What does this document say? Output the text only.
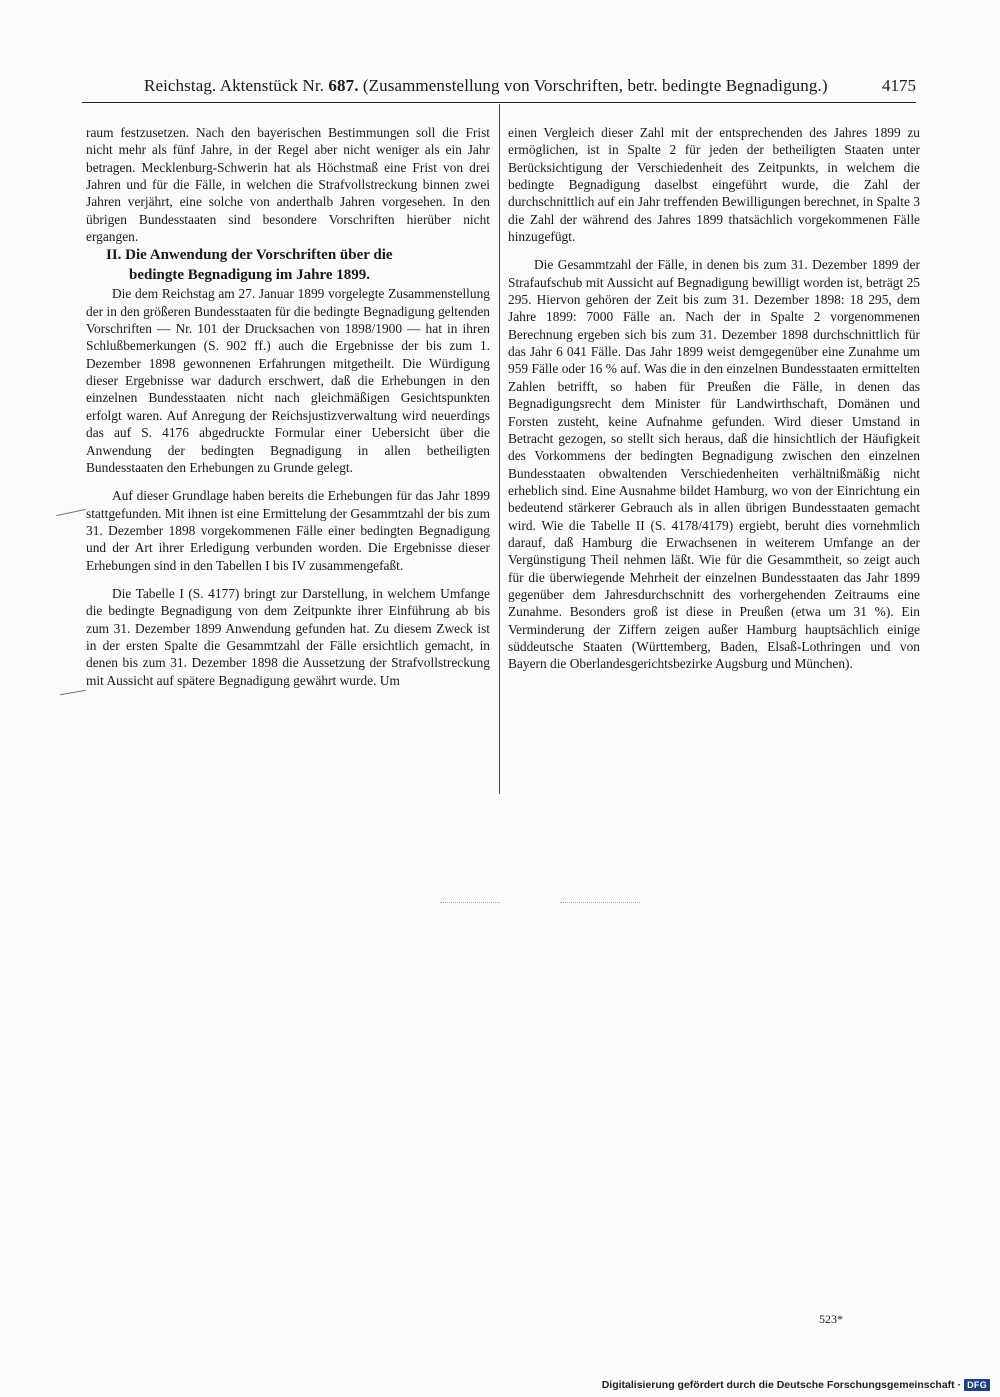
Reichstag. Aktenstück Nr. 687. (Zusammenstellung von Vorschriften, betr. bedingte Begnadigung.)	4175

raum festzusetzen. Nach den bayerischen Bestimmungen soll die Frist nicht mehr als fünf Jahre, in der Regel aber nicht weniger als ein Jahr betragen. Mecklenburg-Schwerin hat als Höchstmaß eine Frist von drei Jahren und für die Fälle, in welchen die Strafvollstreckung binnen zwei Jahren verjährt, eine solche von anderthalb Jahren vorgesehen. In den übrigen Bundesstaaten sind besondere Vorschriften hierüber nicht ergangen.

II. Die Anwendung der Vorschriften über die
bedingte Begnadigung im Jahre 1899.

Die dem Reichstag am 27. Januar 1899 vorgelegte Zusammenstellung der in den größeren Bundesstaaten für die bedingte Begnadigung geltenden Vorschriften — Nr. 101 der Drucksachen von 1898/1900 — hat in ihren Schlußbemerkungen (S. 902 ff.) auch die Ergebnisse der bis zum 1. Dezember 1898 gewonnenen Erfahrungen mitgetheilt. Die Würdigung dieser Ergebnisse war dadurch erschwert, daß die Erhebungen in den einzelnen Bundesstaaten nicht nach gleichmäßigen Gesichtspunkten erfolgt waren. Auf Anregung der Reichsjustizverwaltung wird neuerdings das auf S. 4176 abgedruckte Formular einer Uebersicht über die Anwendung der bedingten Begnadigung in allen betheiligten Bundesstaaten den Erhebungen zu Grunde gelegt.

Auf dieser Grundlage haben bereits die Erhebungen für das Jahr 1899 stattgefunden. Mit ihnen ist eine Ermittelung der Gesammtzahl der bis zum 31. Dezember 1898 vorgekommenen Fälle einer bedingten Begnadigung und der Art ihrer Erledigung verbunden worden. Die Ergebnisse dieser Erhebungen sind in den Tabellen I bis IV zusammengefaßt.

Die Tabelle I (S. 4177) bringt zur Darstellung, in welchem Umfange die bedingte Begnadigung von dem Zeitpunkte ihrer Einführung ab bis zum 31. Dezember 1899 Anwendung gefunden hat. Zu diesem Zweck ist in der ersten Spalte die Gesammtzahl der Fälle ersichtlich gemacht, in denen bis zum 31. Dezember 1898 die Aussetzung der Strafvollstreckung mit Aussicht auf spätere Begnadigung gewährt wurde. Um

einen Vergleich dieser Zahl mit der entsprechenden des Jahres 1899 zu ermöglichen, ist in Spalte 2 für jeden der betheiligten Staaten unter Berücksichtigung der Verschiedenheit des Zeitpunkts, in welchem die bedingte Begnadigung daselbst eingeführt wurde, die Zahl der durchschnittlich auf ein Jahr treffenden Bewilligungen berechnet, in Spalte 3 die Zahl der während des Jahres 1899 thatsächlich vorgekommenen Fälle hinzugefügt.

Die Gesammtzahl der Fälle, in denen bis zum 31. Dezember 1899 der Strafaufschub mit Aussicht auf Begnadigung bewilligt worden ist, beträgt 25 295. Hiervon gehören der Zeit bis zum 31. Dezember 1898: 18 295, dem Jahre 1899: 7000 Fälle an. Nach der in Spalte 2 vorgenommenen Berechnung ergeben sich bis zum 31. Dezember 1898 durchschnittlich für das Jahr 6 041 Fälle. Das Jahr 1899 weist demgegenüber eine Zunahme um 959 Fälle oder 16 % auf. Was die in den einzelnen Bundesstaaten ermittelten Zahlen betrifft, so haben für Preußen die Fälle, in denen das Begnadigungsrecht dem Minister für Landwirthschaft, Domänen und Forsten zusteht, keine Aufnahme gefunden. Wird dieser Umstand in Betracht gezogen, so stellt sich heraus, daß die hinsichtlich der Häufigkeit des Vorkommens der bedingten Begnadigung zwischen den einzelnen Bundesstaaten obwaltenden Verschiedenheiten verhältnißmäßig nicht erheblich sind. Eine Ausnahme bildet Hamburg, wo von der Einrichtung ein bedeutend stärkerer Gebrauch als in allen übrigen Bundesstaaten gemacht wird. Wie die Tabelle II (S. 4178/4179) ergiebt, beruht dies vornehmlich darauf, daß Hamburg die Erwachsenen in weiterem Umfange an der Vergünstigung Theil nehmen läßt. Wie für die Gesammtheit, so zeigt auch für die überwiegende Mehrheit der einzelnen Bundesstaaten das Jahr 1899 gegenüber dem Jahresdurchschnitt des vorhergehenden Zeitraums eine Zunahme. Besonders groß ist diese in Preußen (etwa um 31 %). Ein Verminderung der Ziffern zeigen außer Hamburg hauptsächlich einige süddeutsche Staaten (Württemberg, Baden, Elsaß-Lothringen und von Bayern die Oberlandesgerichtsbezirke Augsburg und München).

523*
Digitalisierung gefördert durch die Deutsche Forschungsgemeinschaft · DFG
